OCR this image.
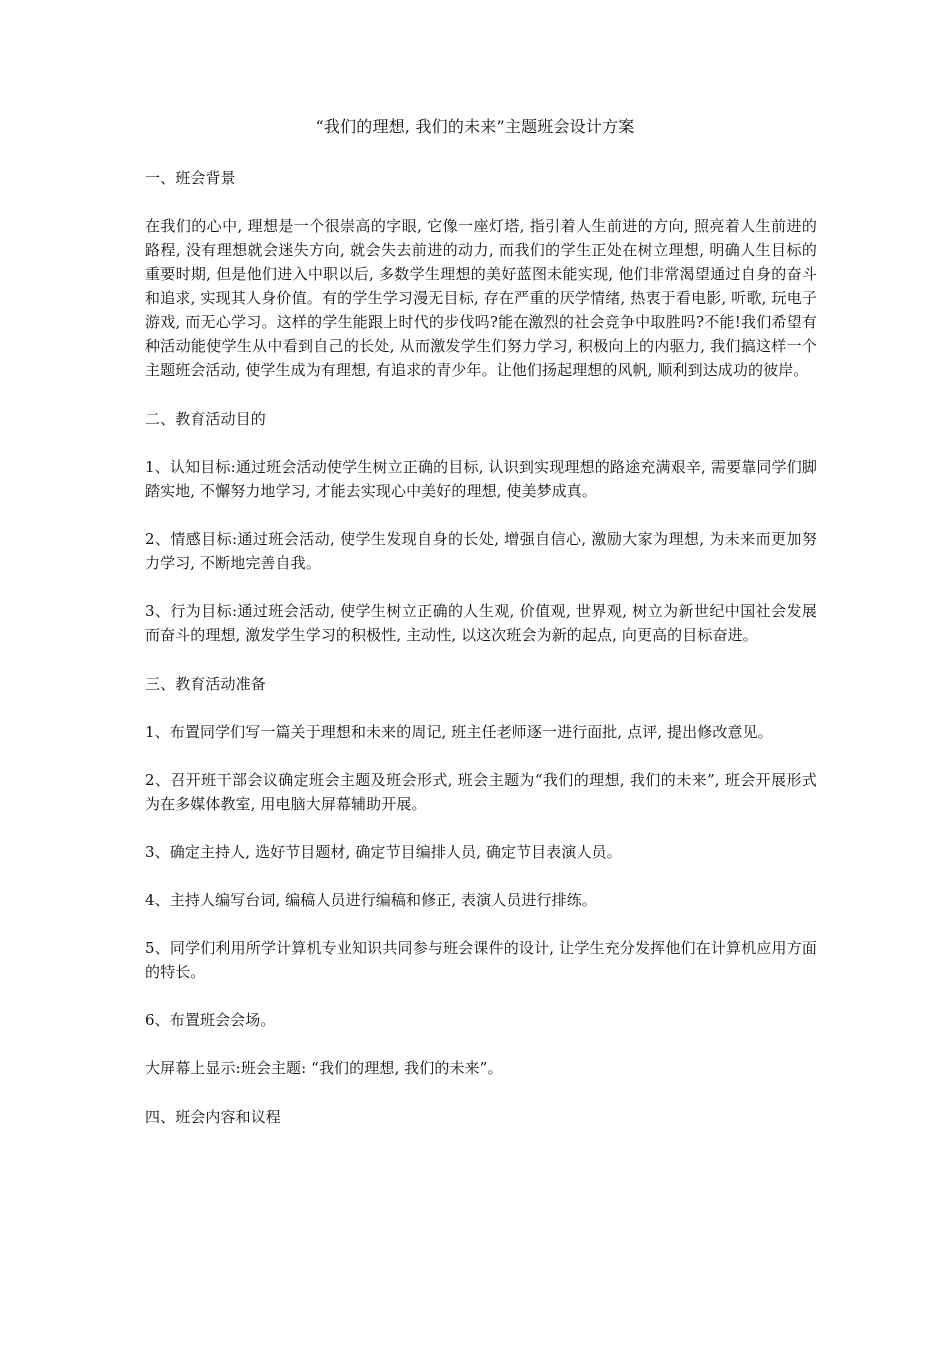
“我们的理想, 我们的未来”主题班会设计方案

一、班会背景

在我们的心中, 理想是一个很崇高的字眼, 它像一座灯塔, 指引着人生前进的方向, 照亮着人生前进的路程, 没有理想就会迷失方向, 就会失去前进的动力, 而我们的学生正处在树立理想, 明确人生目标的重要时期, 但是他们进入中职以后, 多数学生理想的美好蓝图未能实现, 他们非常渴望通过自身的奋斗和追求, 实现其人身价值。有的学生学习漫无目标, 存在严重的厌学情绪, 热衷于看电影, 听歌, 玩电子游戏, 而无心学习。这样的学生能跟上时代的步伐吗?能在激烈的社会竞争中取胜吗?不能!我们希望有种活动能使学生从中看到自己的长处, 从而激发学生们努力学习, 积极向上的内驱力, 我们搞这样一个主题班会活动, 使学生成为有理想, 有追求的青少年。让他们扬起理想的风帆, 顺利到达成功的彼岸。

二、教育活动目的

1、认知目标:通过班会活动使学生树立正确的目标, 认识到实现理想的路途充满艰辛, 需要靠同学们脚踏实地, 不懈努力地学习, 才能去实现心中美好的理想, 使美梦成真。

2、情感目标:通过班会活动, 使学生发现自身的长处, 增强自信心, 激励大家为理想, 为未来而更加努力学习, 不断地完善自我。

3、行为目标:通过班会活动, 使学生树立正确的人生观, 价值观, 世界观, 树立为新世纪中国社会发展而奋斗的理想, 激发学生学习的积极性, 主动性, 以这次班会为新的起点, 向更高的目标奋进。

三、教育活动准备

1、布置同学们写一篇关于理想和未来的周记, 班主任老师逐一进行面批, 点评, 提出修改意见。

2、召开班干部会议确定班会主题及班会形式, 班会主题为“我们的理想, 我们的未来”, 班会开展形式为在多媒体教室, 用电脑大屏幕辅助开展。

3、确定主持人, 选好节目题材, 确定节目编排人员, 确定节目表演人员。

4、主持人编写台词, 编稿人员进行编稿和修正, 表演人员进行排练。

5、同学们利用所学计算机专业知识共同参与班会课件的设计, 让学生充分发挥他们在计算机应用方面的特长。

6、布置班会会场。

大屏幕上显示:班会主题: “我们的理想, 我们的未来”。

四、班会内容和议程
